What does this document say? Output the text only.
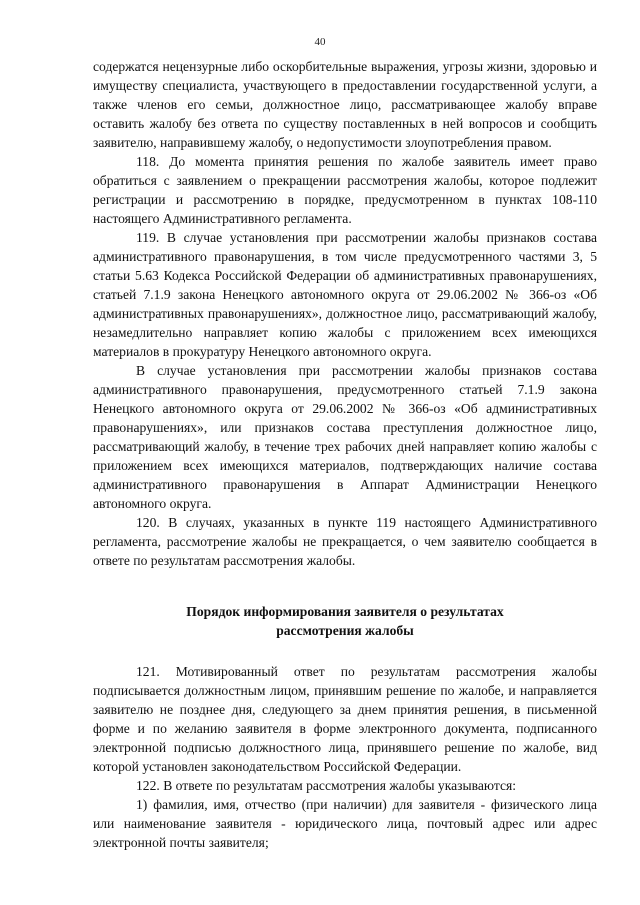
40

содержатся нецензурные либо оскорбительные выражения, угрозы жизни, здоровью и имуществу специалиста, участвующего в предоставлении государственной услуги, а также членов его семьи, должностное лицо, рассматривающее жалобу вправе оставить жалобу без ответа по существу поставленных в ней вопросов и сообщить заявителю, направившему жалобу, о недопустимости злоупотребления правом.

118. До момента принятия решения по жалобе заявитель имеет право обратиться с заявлением о прекращении рассмотрения жалобы, которое подлежит регистрации и рассмотрению в порядке, предусмотренном в пунктах 108-110 настоящего Административного регламента.

119. В случае установления при рассмотрении жалобы признаков состава административного правонарушения, в том числе предусмотренного частями 3, 5 статьи 5.63 Кодекса Российской Федерации об административных правонарушениях, статьей 7.1.9 закона Ненецкого автономного округа от 29.06.2002 № 366-оз «Об административных правонарушениях», должностное лицо, рассматривающий жалобу, незамедлительно направляет копию жалобы с приложением всех имеющихся материалов в прокуратуру Ненецкого автономного округа.

В случае установления при рассмотрении жалобы признаков состава административного правонарушения, предусмотренного статьей 7.1.9 закона Ненецкого автономного округа от 29.06.2002 № 366-оз «Об административных правонарушениях», или признаков состава преступления должностное лицо, рассматривающий жалобу, в течение трех рабочих дней направляет копию жалобы с приложением всех имеющихся материалов, подтверждающих наличие состава административного правонарушения в Аппарат Администрации Ненецкого автономного округа.

120. В случаях, указанных в пункте 119 настоящего Административного регламента, рассмотрение жалобы не прекращается, о чем заявителю сообщается в ответе по результатам рассмотрения жалобы.

Порядок информирования заявителя о результатах
рассмотрения жалобы

121. Мотивированный ответ по результатам рассмотрения жалобы подписывается должностным лицом, принявшим решение по жалобе, и направляется заявителю не позднее дня, следующего за днем принятия решения, в письменной форме и по желанию заявителя в форме электронного документа, подписанного электронной подписью должностного лица, принявшего решение по жалобе, вид которой установлен законодательством Российской Федерации.

122. В ответе по результатам рассмотрения жалобы указываются:

1) фамилия, имя, отчество (при наличии) для заявителя - физического лица или наименование заявителя - юридического лица, почтовый адрес или адрес электронной почты заявителя;
